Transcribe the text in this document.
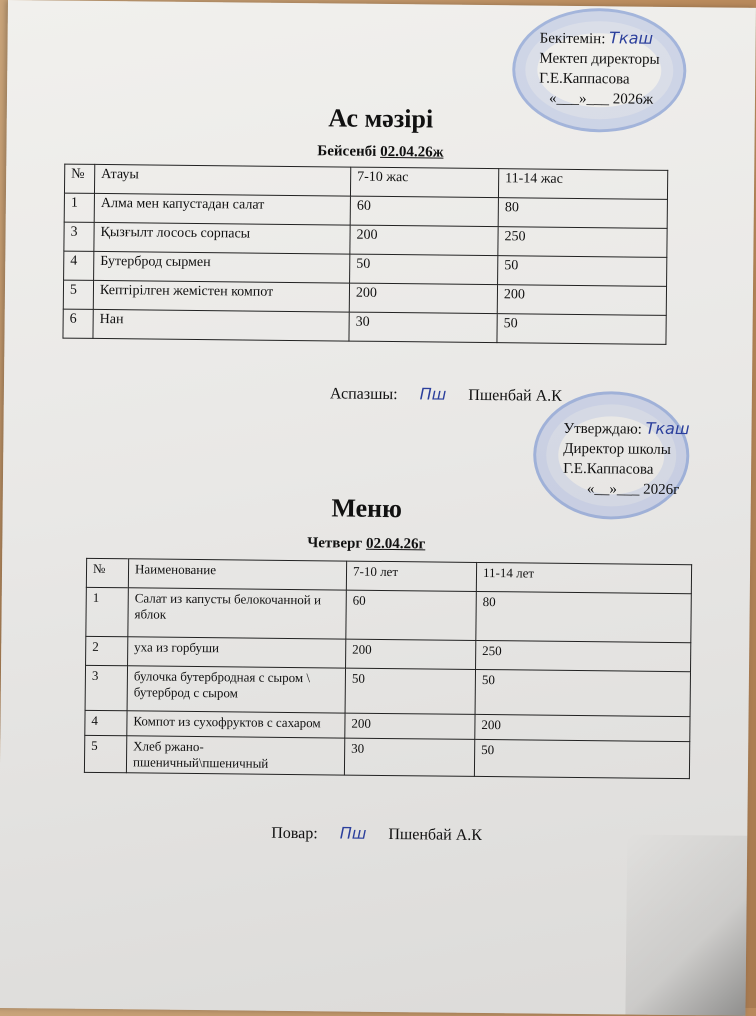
Бекітемін: Ткаш
Мектеп директоры
Г.Е.Каппасова
«___»___ 2026ж
Ас мәзірі
Бейсенбі 02.04.26ж
№	Атауы	7-10 жас	11-14 жас
1	Алма мен капустадан салат	60	80
3	Қызғылт лосось сорпасы	200	250
4	Бутерброд сырмен	50	50
5	Кептірілген жемістен компот	200	200
6	Нан	30	50
Аспазшы: Пш Пшенбай А.К
Утверждаю: Ткаш
Директор школы
Г.Е.Каппасова
«__»___ 2026г
Меню
Четверг 02.04.26г
№	Наименование	7-10 лет	11-14 лет
1	Салат из капусты белокочанной и яблок	60	80
2	уха из горбуши	200	250
3	булочка бутербродная с сыром \ бутерброд с сыром	50	50
4	Компот из сухофруктов с сахаром	200	200
5	Хлеб ржано-пшеничный\пшеничный	30	50
Повар: Пш Пшенбай А.К
